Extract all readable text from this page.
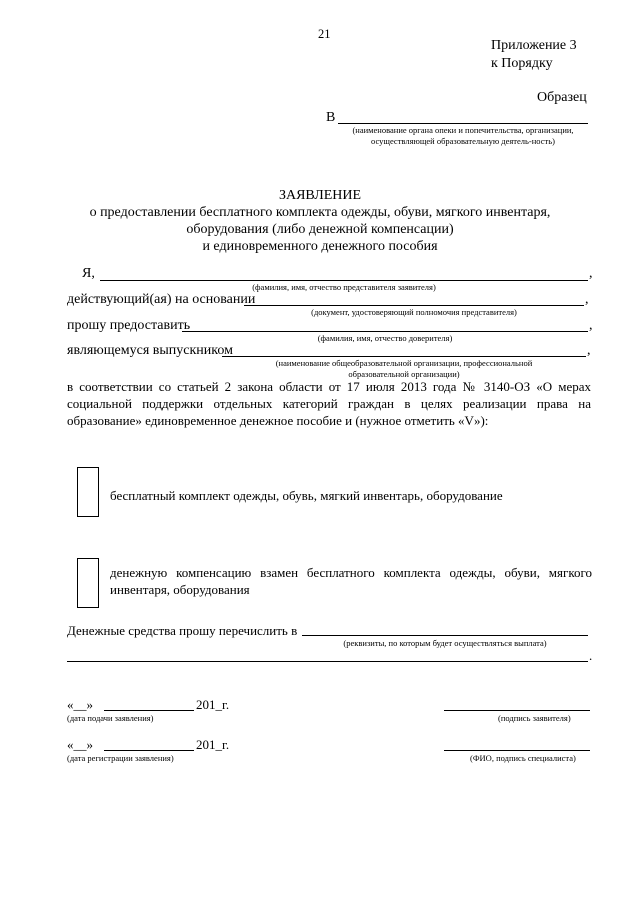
21
Приложение 3
к Порядку
Образец
В
(наименование органа опеки и попечительства, организации, осуществляющей образовательную деятель-ность)
ЗАЯВЛЕНИЕ
о предоставлении бесплатного комплекта одежды, обуви, мягкого инвентаря,
оборудования (либо денежной компенсации)
и единовременного денежного пособия
Я,	,
(фамилия, имя, отчество представителя заявителя)
действующий(ая) на основании	,
(документ, удостоверяющий полномочия представителя)
прошу предоставить	,
(фамилия, имя, отчество доверителя)
являющемуся выпускником	,
(наименование общеобразовательной организации, профессиональной образовательной организации)
в соответствии со статьей 2 закона области от 17 июля 2013 года № 3140-ОЗ «О мерах социальной поддержки отдельных категорий граждан в целях реализации права на образование» единовременное денежное пособие и (нужное отметить «V»):
бесплатный комплект одежды, обувь, мягкий инвентарь, оборудование
денежную компенсацию взамен бесплатного комплекта одежды, обуви, мягкого инвентаря, оборудования
Денежные средства прошу перечислить в
(реквизиты, по которым будет осуществляться выплата)
.
«__»	201_г.
(дата подачи заявления)	(подпись заявителя)
«__»	201_г.
(дата регистрации заявления)	(ФИО, подпись специалиста)
